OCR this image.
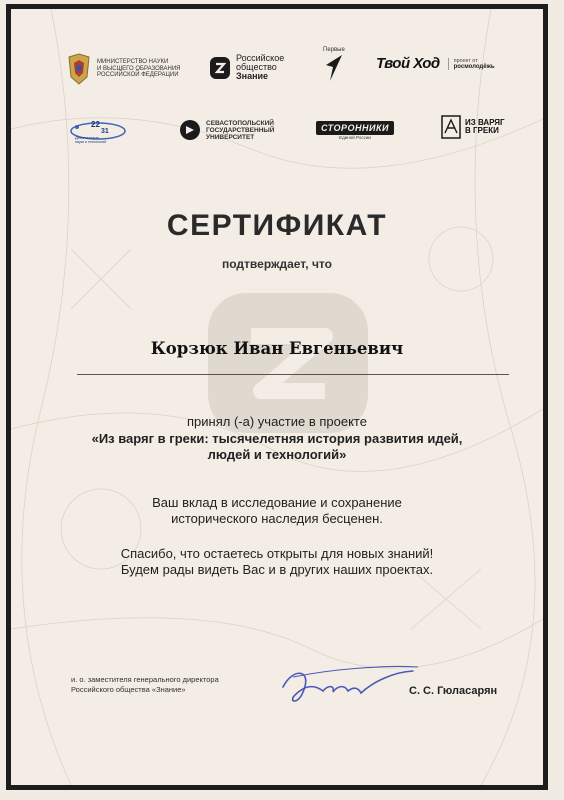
МИНИСТЕРСТВО НАУКИ
И ВЫСШЕГО ОБРАЗОВАНИЯ
РОССИЙСКОЙ ФЕДЕРАЦИИ
Российское
общество
Знание
Первые
Твой Ход	проект от
росмолодёжь
22
31
Десятилетие
науки и технологий
СЕВАСТОПОЛЬСКИЙ
ГОСУДАРСТВЕННЫЙ
УНИВЕРСИТЕТ
СТОРОННИКИ
Единой России
ИЗ ВАРЯГ
В ГРЕКИ
СЕРТИФИКАТ
подтверждает, что
Корзюк Иван Евгеньевич
принял (-а) участие в проекте
«Из варяг в греки: тысячелетняя история развития идей,
людей и технологий»
Ваш вклад в исследование и сохранение
исторического наследия бесценен.
Спасибо, что остаетесь открыты для новых знаний!
Будем рады видеть Вас и в других наших проектах.
и. о. заместителя генерального директора
Российского общества «Знание»	С. С. Гюласарян
